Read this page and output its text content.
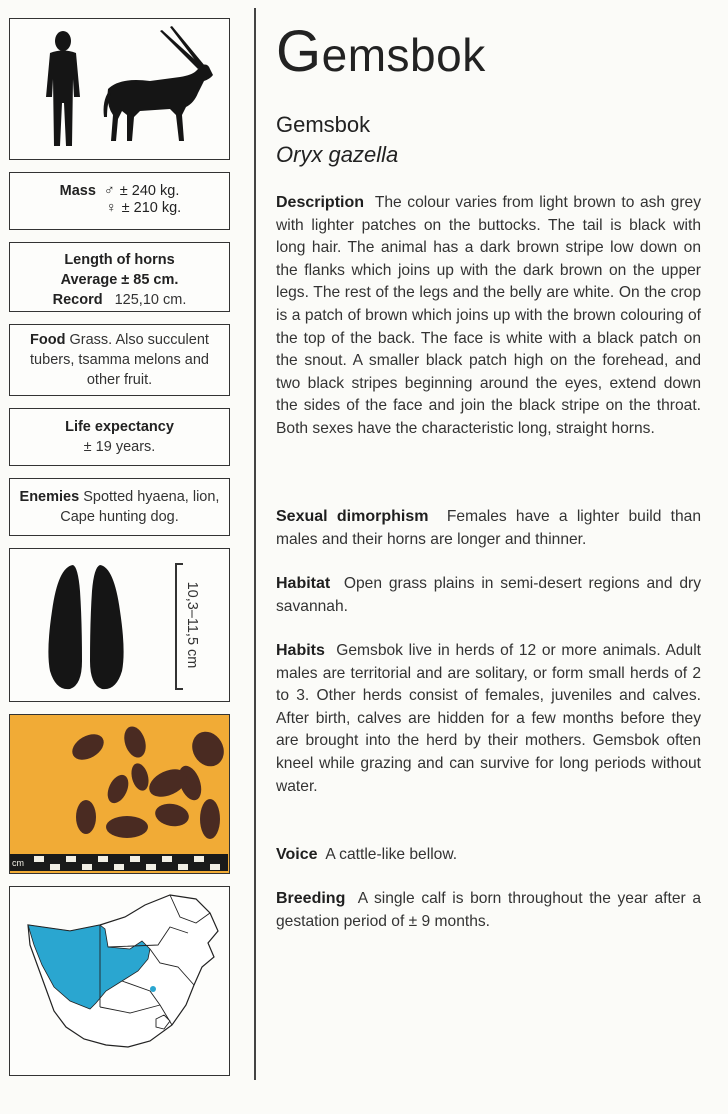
Mass ♂ ± 240 kg.
♀ ± 210 kg.
Length of horns
Average ± 85 cm.
Record 125,10 cm.
Food Grass. Also succulent tubers, tsamma melons and other fruit.
Life expectancy
± 19 years.
Enemies Spotted hyaena, lion, Cape hunting dog.
10,3–11,5 cm
cm
Gemsbok
Gemsbok
Oryx gazella
Description The colour varies from light brown to ash grey with lighter patches on the buttocks. The tail is black with long hair. The animal has a dark brown stripe low down on the flanks which joins up with the dark brown on the upper legs. The rest of the legs and the belly are white. On the crop is a patch of brown which joins up with the brown colouring of the top of the back. The face is white with a black patch on the snout. A smaller black patch high on the forehead, and two black stripes beginning around the eyes, extend down the sides of the face and join the black stripe on the throat. Both sexes have the characteristic long, straight horns.
Sexual dimorphism Females have a lighter build than males and their horns are longer and thinner.
Habitat Open grass plains in semi-desert regions and dry savannah.
Habits Gemsbok live in herds of 12 or more animals. Adult males are territorial and are solitary, or form small herds of 2 to 3. Other herds consist of females, juveniles and calves. After birth, calves are hidden for a few months before they are brought into the herd by their mothers. Gemsbok often kneel while grazing and can survive for long periods without water.
Voice A cattle-like bellow.
Breeding A single calf is born throughout the year after a gestation period of ± 9 months.
